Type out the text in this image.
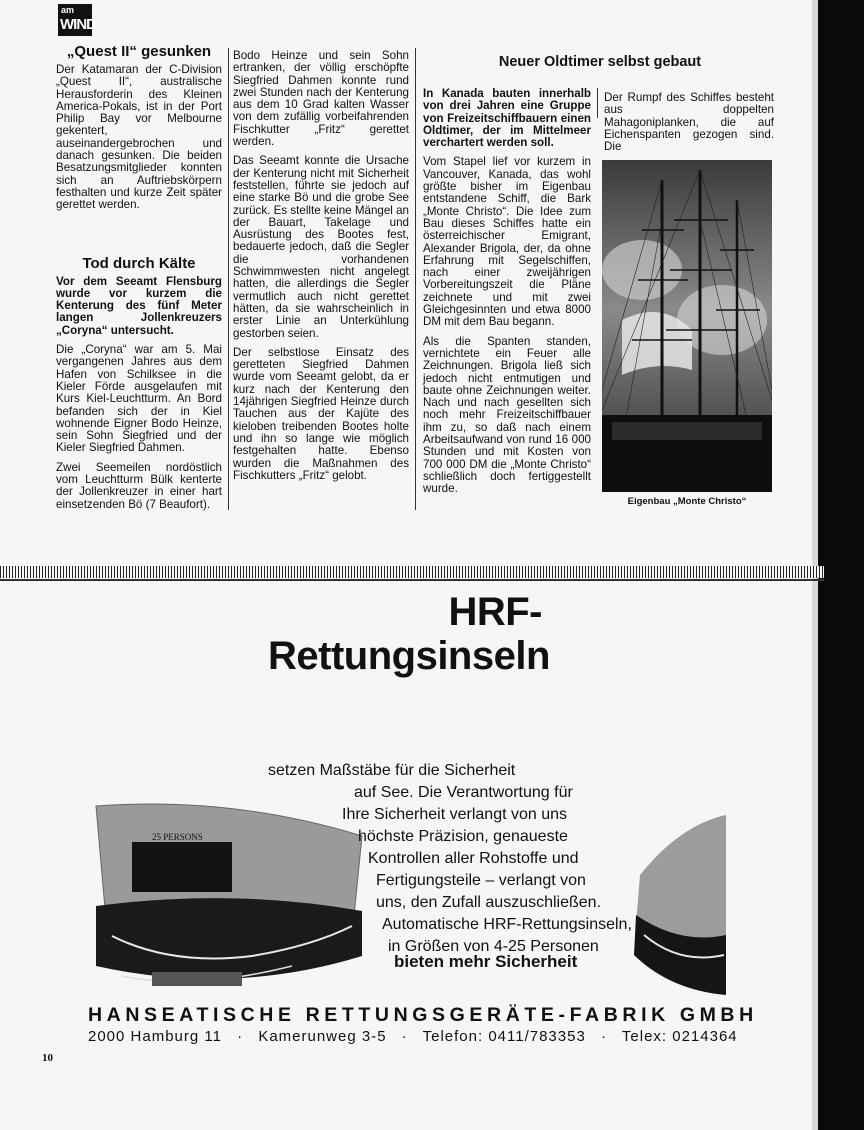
am
WIND
„Quest II“ gesunken

Der Katamaran der C-Division „Quest II“, australische Herausforderin des Kleinen America-Pokals, ist in der Port Philip Bay vor Melbourne gekentert, auseinandergebrochen und danach gesunken. Die beiden Besatzungsmitglieder konnten sich an Auftriebskörpern festhalten und kurze Zeit später gerettet werden.

Tod durch Kälte

Vor dem Seeamt Flensburg wurde vor kurzem die Kenterung des fünf Meter langen Jollenkreuzers „Coryna“ untersucht.

Die „Coryna“ war am 5. Mai vergangenen Jahres aus dem Hafen von Schilksee in die Kieler Förde ausgelaufen mit Kurs Kiel-Leuchtturm. An Bord befanden sich der in Kiel wohnende Eigner Bodo Heinze, sein Sohn Siegfried und der Kieler Siegfried Dahmen.

Zwei Seemeilen nordöstlich vom Leuchtturm Bülk kenterte der Jollenkreuzer in einer hart einsetzenden Bö (7 Beaufort).

Bodo Heinze und sein Sohn ertranken, der völlig erschöpfte Siegfried Dahmen konnte rund zwei Stunden nach der Kenterung aus dem 10 Grad kalten Wasser von dem zufällig vorbeifahrenden Fischkutter „Fritz“ gerettet werden.

Das Seeamt konnte die Ursache der Kenterung nicht mit Sicherheit feststellen, führte sie jedoch auf eine starke Bö und die grobe See zurück. Es stellte keine Mängel an der Bauart, Takelage und Ausrüstung des Bootes fest, bedauerte jedoch, daß die Segler die vorhandenen Schwimmwesten nicht angelegt hatten, die allerdings die Segler vermutlich auch nicht gerettet hätten, da sie wahrscheinlich in erster Linie an Unterkühlung gestorben seien.

Der selbstlose Einsatz des geretteten Siegfried Dahmen wurde vom Seeamt gelobt, da er kurz nach der Kenterung den 14jährigen Siegfried Heinze durch Tauchen aus der Kajüte des kieloben treibenden Bootes holte und ihn so lange wie möglich festgehalten hatte. Ebenso wurden die Maßnahmen des Fischkutters „Fritz“ gelobt.

Neuer Oldtimer selbst gebaut

In Kanada bauten innerhalb von drei Jahren eine Gruppe von Freizeitschiffbauern einen Oldtimer, der im Mittelmeer verchartert werden soll.

Vom Stapel lief vor kurzem in Vancouver, Kanada, das wohl größte bisher im Eigenbau entstandene Schiff, die Bark „Monte Christo“. Die Idee zum Bau dieses Schiffes hatte ein österreichischer Emigrant, Alexander Brigola, der, da ohne Erfahrung mit Segelschiffen, nach einer zweijährigen Vorbereitungszeit die Pläne zeichnete und mit zwei Gleichgesinnten und etwa 8000 DM mit dem Bau begann.

Als die Spanten standen, vernichtete ein Feuer alle Zeichnungen. Brigola ließ sich jedoch nicht entmutigen und baute ohne Zeichnungen weiter. Nach und nach gesellten sich noch mehr Freizeitschiffbauer ihm zu, so daß nach einem Arbeitsaufwand von rund 16 000 Stunden und mit Kosten von 700 000 DM die „Monte Christo“ schließlich doch fertiggestellt wurde.

Der Rumpf des Schiffes besteht aus doppelten Mahagoniplanken, die auf Eichenspanten gezogen sind. Die

Eigenbau „Monte Christo“
HRF-
Rettungsinseln
25 PERSONS
setzen Maßstäbe für die Sicherheit
auf See. Die Verantwortung für
Ihre Sicherheit verlangt von uns
höchste Präzision, genaueste
Kontrollen aller Rohstoffe und
Fertigungsteile – verlangt von
uns, den Zufall auszuschließen.
Automatische HRF-Rettungsinseln,
in Größen von 4-25 Personen
bieten mehr Sicherheit
HANSEATISCHE RETTUNGSGERÄTE-FABRIK GMBH
2000 Hamburg 11 · Kamerunweg 3-5 · Telefon: 0411/783353 · Telex: 0214364
10
